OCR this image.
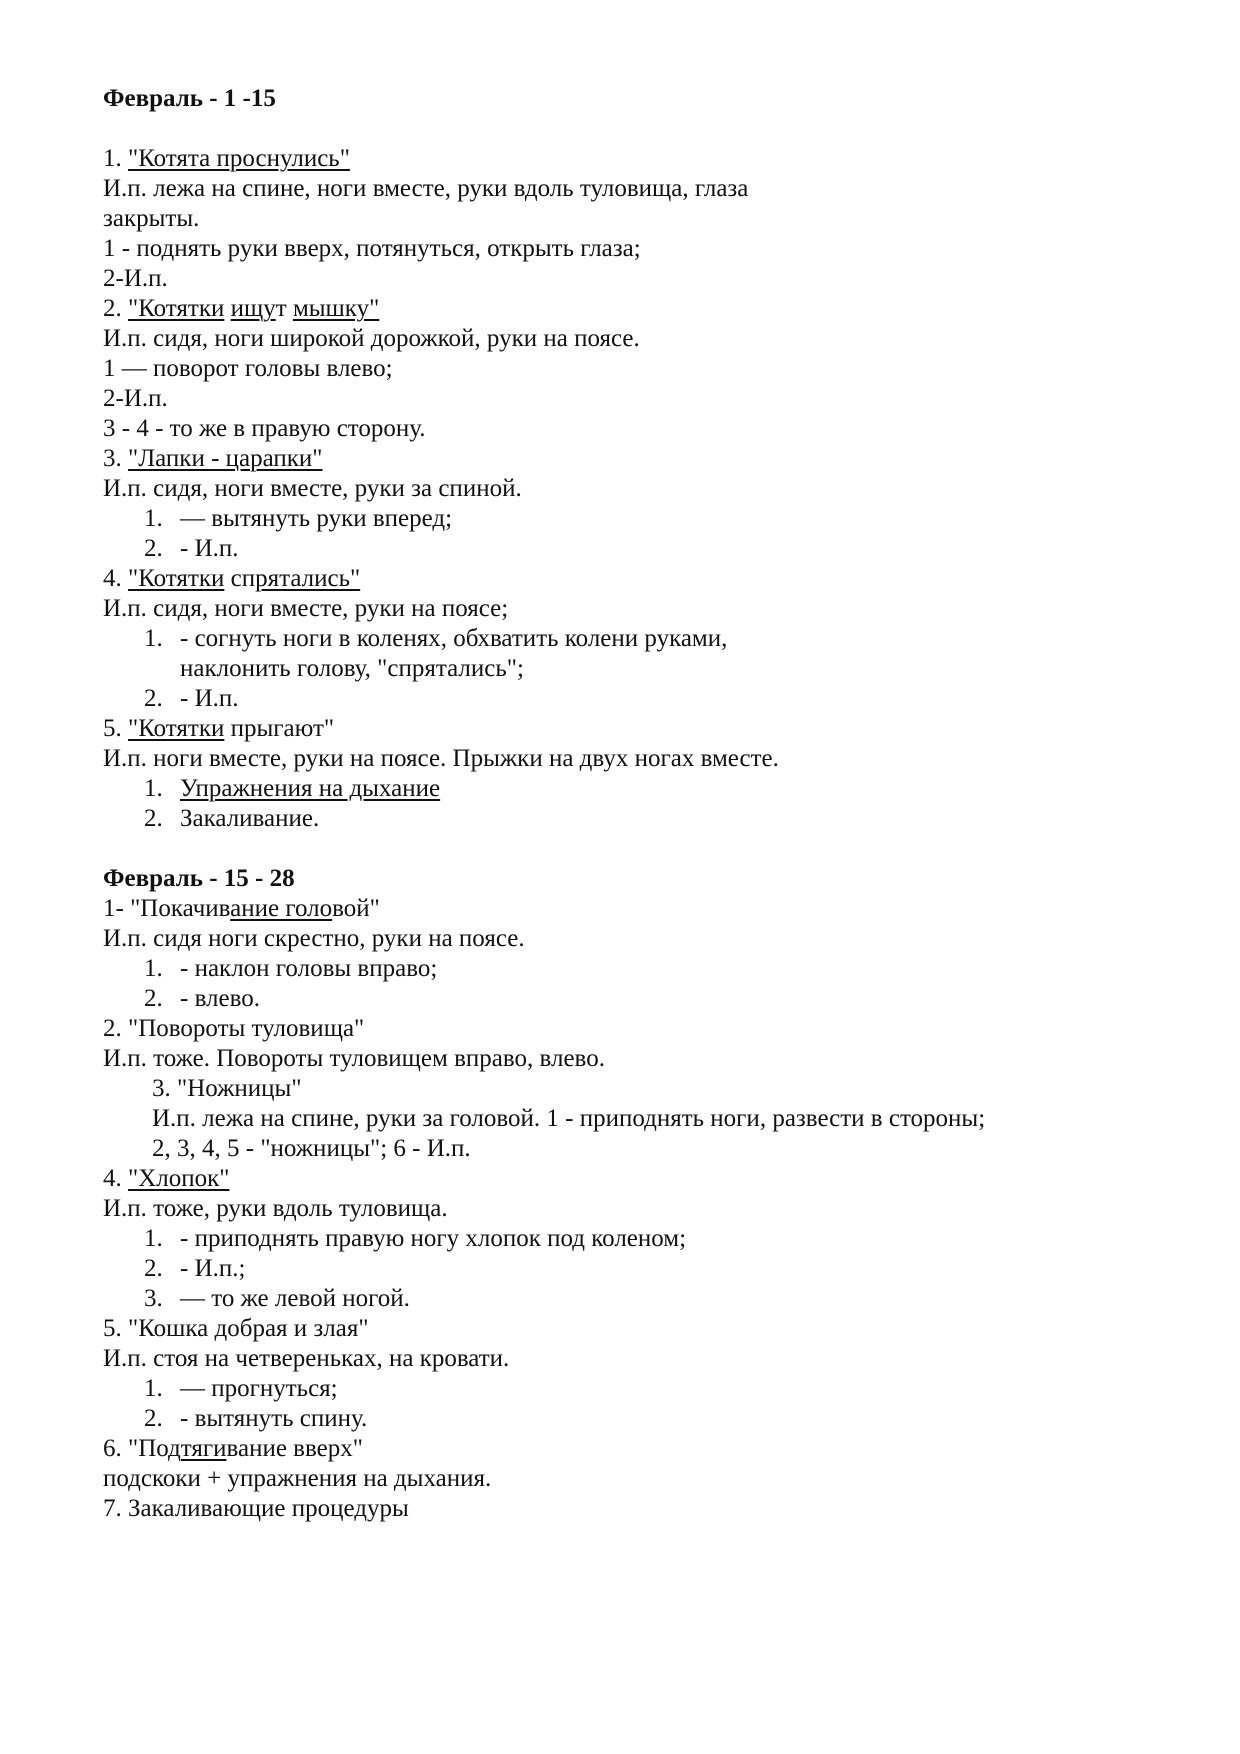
Февраль - 1 -15
1. "Котята проснулись"
И.п. лежа на спине, ноги вместе, руки вдоль туловища, глаза
закрыты.
1 - поднять руки вверх, потянуться, открыть глаза;
2-И.п.
2. "Котятки ищут мышку"
И.п. сидя, ноги широкой дорожкой, руки на поясе.
1 — поворот головы влево;
2-И.п.
3 - 4 - то же в правую сторону.
3. "Лапки - царапки"
И.п. сидя, ноги вместе, руки за спиной.
1. — вытянуть руки вперед;
2. - И.п.
4. "Котятки спрятались"
И.п. сидя, ноги вместе, руки на поясе;
1. - согнуть ноги в коленях, обхватить колени руками,
наклонить голову, "спрятались";
2. - И.п.
5. "Котятки прыгают"
И.п. ноги вместе, руки на поясе. Прыжки на двух ногах вместе.
1. Упражнения на дыхание
2. Закаливание.
Февраль - 15 - 28
1- "Покачивание головой"
И.п. сидя ноги скрестно, руки на поясе.
1. - наклон головы вправо;
2. - влево.
2. "Повороты туловища"
И.п. тоже. Повороты туловищем вправо, влево.
3. "Ножницы"
И.п. лежа на спине, руки за головой. 1 - приподнять ноги, развести в стороны;
2, 3, 4, 5 - "ножницы"; 6 - И.п.
4. "Хлопок"
И.п. тоже, руки вдоль туловища.
1. - приподнять правую ногу хлопок под коленом;
2. - И.п.;
3. — то же левой ногой.
5. "Кошка добрая и злая"
И.п. стоя на четвереньках, на кровати.
1. — прогнуться;
2. - вытянуть спину.
6. "Подтягивание вверх"
подскоки + упражнения на дыхания.
7. Закаливающие процедуры
